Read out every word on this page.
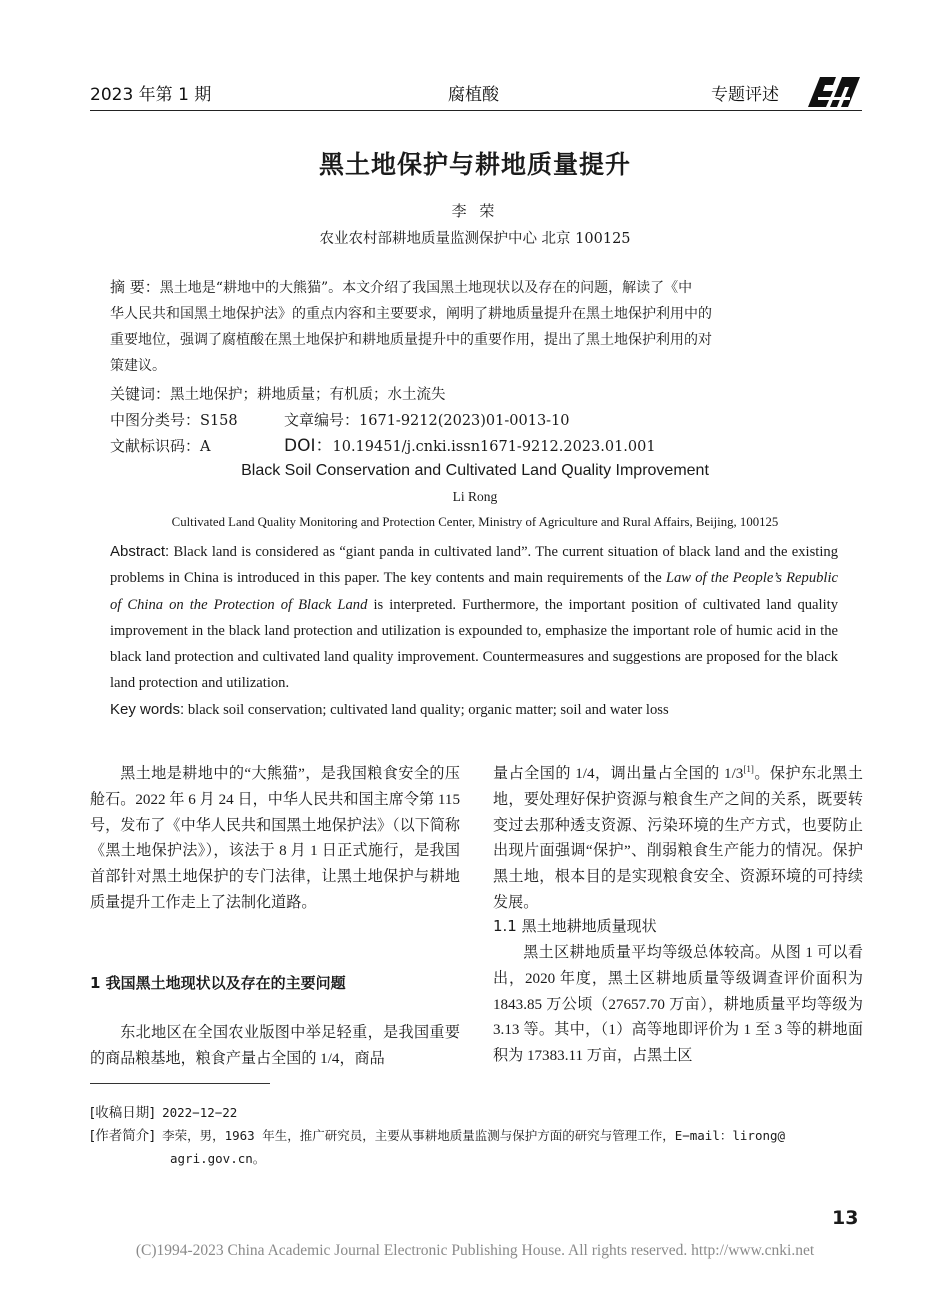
2023 年第 1 期	腐植酸	专题评述
黑土地保护与耕地质量提升
李 荣
农业农村部耕地质量监测保护中心 北京 100125
摘 要：黑土地是“耕地中的大熊猫”。本文介绍了我国黑土地现状以及存在的问题，解读了《中
华人民共和国黑土地保护法》的重点内容和主要要求，阐明了耕地质量提升在黑土地保护利用中的
重要地位，强调了腐植酸在黑土地保护和耕地质量提升中的重要作用，提出了黑土地保护利用的对
策建议。
关键词：黑土地保护；耕地质量；有机质；水土流失
中图分类号：S158	文章编号：1671-9212(2023)01-0013-10
文献标识码：A	DOI：10.19451/j.cnki.issn1671-9212.2023.01.001
Black Soil Conservation and Cultivated Land Quality Improvement
Li Rong
Cultivated Land Quality Monitoring and Protection Center, Ministry of Agriculture and Rural Affairs, Beijing, 100125
Abstract: Black land is considered as “giant panda in cultivated land”. The current situation of black land and the existing problems in China is introduced in this paper. The key contents and main requirements of the Law of the People’s Republic of China on the Protection of Black Land is interpreted. Furthermore, the important position of cultivated land quality improvement in the black land protection and utilization is expounded to, emphasize the important role of humic acid in the black land protection and cultivated land quality improvement. Countermeasures and suggestions are proposed for the black land protection and utilization.
Key words: black soil conservation; cultivated land quality; organic matter; soil and water loss

黑土地是耕地中的“大熊猫”，是我国粮食安全的压舱石。2022 年 6 月 24 日，中华人民共和国主席令第 115 号，发布了《中华人民共和国黑土地保护法》（以下简称《黑土地保护法》），该法于 8 月 1 日正式施行，是我国首部针对黑土地保护的专门法律，让黑土地保护与耕地质量提升工作走上了法制化道路。

1 我国黑土地现状以及存在的主要问题

东北地区在全国农业版图中举足轻重，是我国重要的商品粮基地，粮食产量占全国的 1/4，商品

量占全国的 1/4，调出量占全国的 1/3[1]。保护东北黑土地，要处理好保护资源与粮食生产之间的关系，既要转变过去那种透支资源、污染环境的生产方式，也要防止出现片面强调“保护”、削弱粮食生产能力的情况。保护黑土地，根本目的是实现粮食安全、资源环境的可持续发展。

1.1 黑土地耕地质量现状

黑土区耕地质量平均等级总体较高。从图 1 可以看出，2020 年度，黑土区耕地质量等级调查评价面积为 1843.85 万公顷（27657.70 万亩），耕地质量平均等级为 3.13 等。其中，（1）高等地即评价为 1 至 3 等的耕地面积为 17383.11 万亩，占黑土区

[收稿日期] 2022−12−22
[作者简介] 李荣，男，1963 年生，推广研究员，主要从事耕地质量监测与保护方面的研究与管理工作，E−mail：lirong@
agri.gov.cn。
13
(C)1994-2023 China Academic Journal Electronic Publishing House. All rights reserved. http://www.cnki.net
